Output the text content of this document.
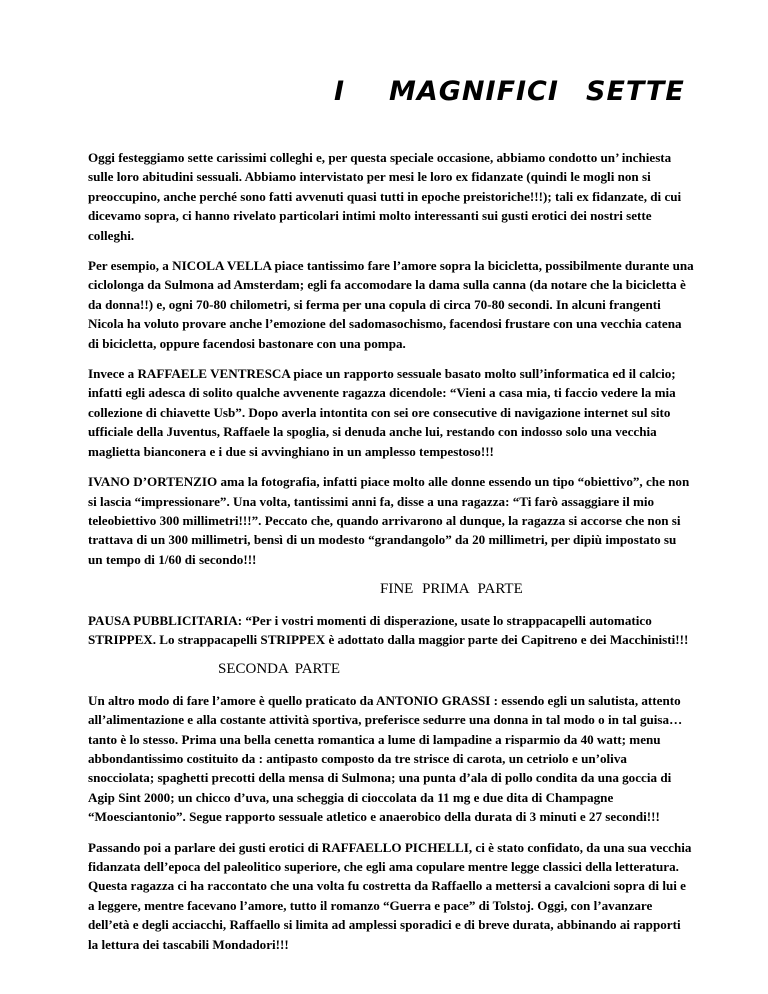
I MAGNIFICI SETTE

Oggi festeggiamo sette carissimi colleghi e, per questa speciale occasione, abbiamo condotto un’ inchiesta sulle loro abitudini sessuali. Abbiamo intervistato per mesi le loro ex fidanzate (quindi le mogli non si preoccupino, anche perché sono fatti avvenuti quasi tutti in epoche preistoriche!!!); tali ex fidanzate, di cui dicevamo sopra, ci hanno rivelato particolari intimi molto interessanti sui gusti erotici dei nostri sette colleghi.

Per esempio, a NICOLA VELLA piace tantissimo fare l’amore sopra la bicicletta, possibilmente durante una ciclolonga da Sulmona ad Amsterdam; egli fa accomodare la dama sulla canna (da notare che la bicicletta è da donna!!) e, ogni 70-80 chilometri, si ferma per una copula di circa 70-80 secondi. In alcuni frangenti Nicola ha voluto provare anche l’emozione del sadomasochismo, facendosi frustare con una vecchia catena di bicicletta, oppure facendosi bastonare con una pompa.

Invece a RAFFAELE VENTRESCA piace un rapporto sessuale basato molto sull’informatica ed il calcio; infatti egli adesca di solito qualche avvenente ragazza dicendole: “Vieni a casa mia, ti faccio vedere la mia collezione di chiavette Usb”. Dopo averla intontita con sei ore consecutive di navigazione internet sul sito ufficiale della Juventus, Raffaele la spoglia, si denuda anche lui, restando con indosso solo una vecchia maglietta bianconera e i due si avvinghiano in un amplesso tempestoso!!!

IVANO D’ORTENZIO ama la fotografia, infatti piace molto alle donne essendo un tipo “obiettivo”, che non si lascia “impressionare”. Una volta, tantissimi anni fa, disse a una ragazza: “Ti farò assaggiare il mio teleobiettivo 300 millimetri!!!”. Peccato che, quando arrivarono al dunque, la ragazza si accorse che non si trattava di un 300 millimetri, bensì di un modesto “grandangolo” da 20 millimetri, per dipiù impostato su un tempo di 1/60 di secondo!!!

FINE PRIMA PARTE

PAUSA PUBBLICITARIA: “Per i vostri momenti di disperazione, usate lo strappacapelli automatico STRIPPEX. Lo strappacapelli STRIPPEX è adottato dalla maggior parte dei Capitreno e dei Macchinisti!!!

SECONDA PARTE

Un altro modo di fare l’amore è quello praticato da ANTONIO GRASSI : essendo egli un salutista, attento all’alimentazione e alla costante attività sportiva, preferisce sedurre una donna in tal modo o in tal guisa…tanto è lo stesso. Prima una bella cenetta romantica a lume di lampadine a risparmio da 40 watt; menu abbondantissimo costituito da : antipasto composto da tre strisce di carota, un cetriolo e un’oliva snocciolata; spaghetti precotti della mensa di Sulmona; una punta d’ala di pollo condita da una goccia di Agip Sint 2000; un chicco d’uva, una scheggia di cioccolata da 11 mg e due dita di Champagne “Moesciantonio”. Segue rapporto sessuale atletico e anaerobico della durata di 3 minuti e 27 secondi!!!

Passando poi a parlare dei gusti erotici di RAFFAELLO PICHELLI, ci è stato confidato, da una sua vecchia fidanzata dell’epoca del paleolitico superiore, che egli ama copulare mentre legge classici della letteratura. Questa ragazza ci ha raccontato che una volta fu costretta da Raffaello a mettersi a cavalcioni sopra di lui e a leggere, mentre facevano l’amore, tutto il romanzo “Guerra e pace” di Tolstoj. Oggi, con l’avanzare dell’età e degli acciacchi, Raffaello si limita ad amplessi sporadici e di breve durata, abbinando ai rapporti la lettura dei tascabili Mondadori!!!
